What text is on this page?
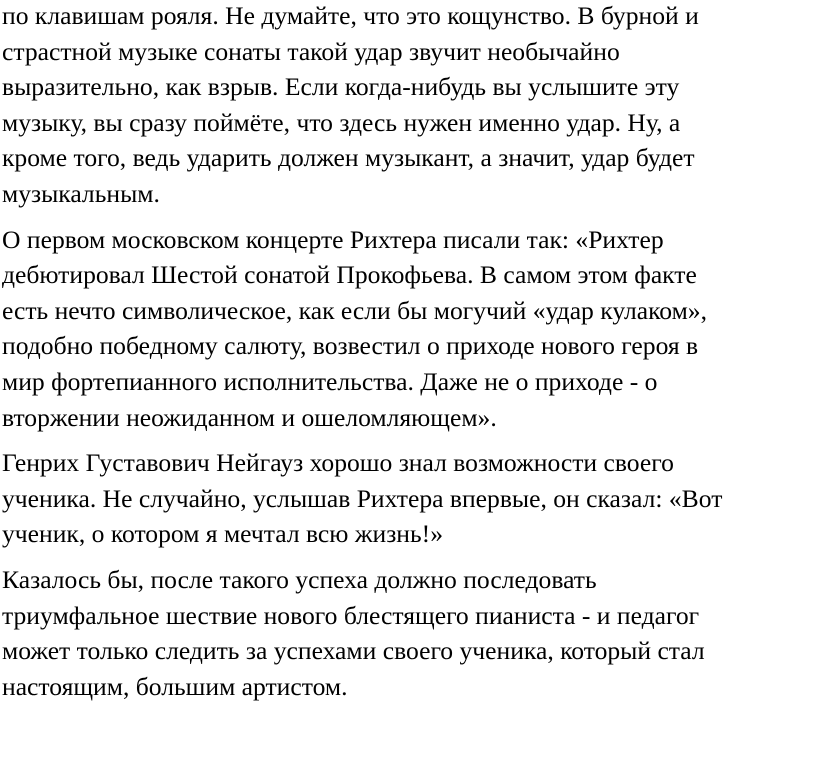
по клавишам рояля. Не думайте, что это кощунство. В бурной и
страстной музыке сонаты такой удар звучит необычайно
выразительно, как взрыв. Если когда-нибудь вы услышите эту
музыку, вы сразу поймёте, что здесь нужен именно удар. Ну, а
кроме того, ведь ударить должен музыкант, а значит, удар будет
музыкальным.

О первом московском концерте Рихтера писали так: «Рихтер
дебютировал Шестой сонатой Прокофьева. В самом этом факте
есть нечто символическое, как если бы могучий «удар кулаком»,
подобно победному салюту, возвестил о приходе нового героя в
мир фортепианного исполнительства. Даже не о приходе - о
вторжении неожиданном и ошеломляющем».

Генрих Густавович Нейгауз хорошо знал возможности своего
ученика. Не случайно, услышав Рихтера впервые, он сказал: «Вот
ученик, о котором я мечтал всю жизнь!»

Казалось бы, после такого успеха должно последовать
триумфальное шествие нового блестящего пианиста - и педагог
может только следить за успехами своего ученика, который стал
настоящим, большим артистом.
